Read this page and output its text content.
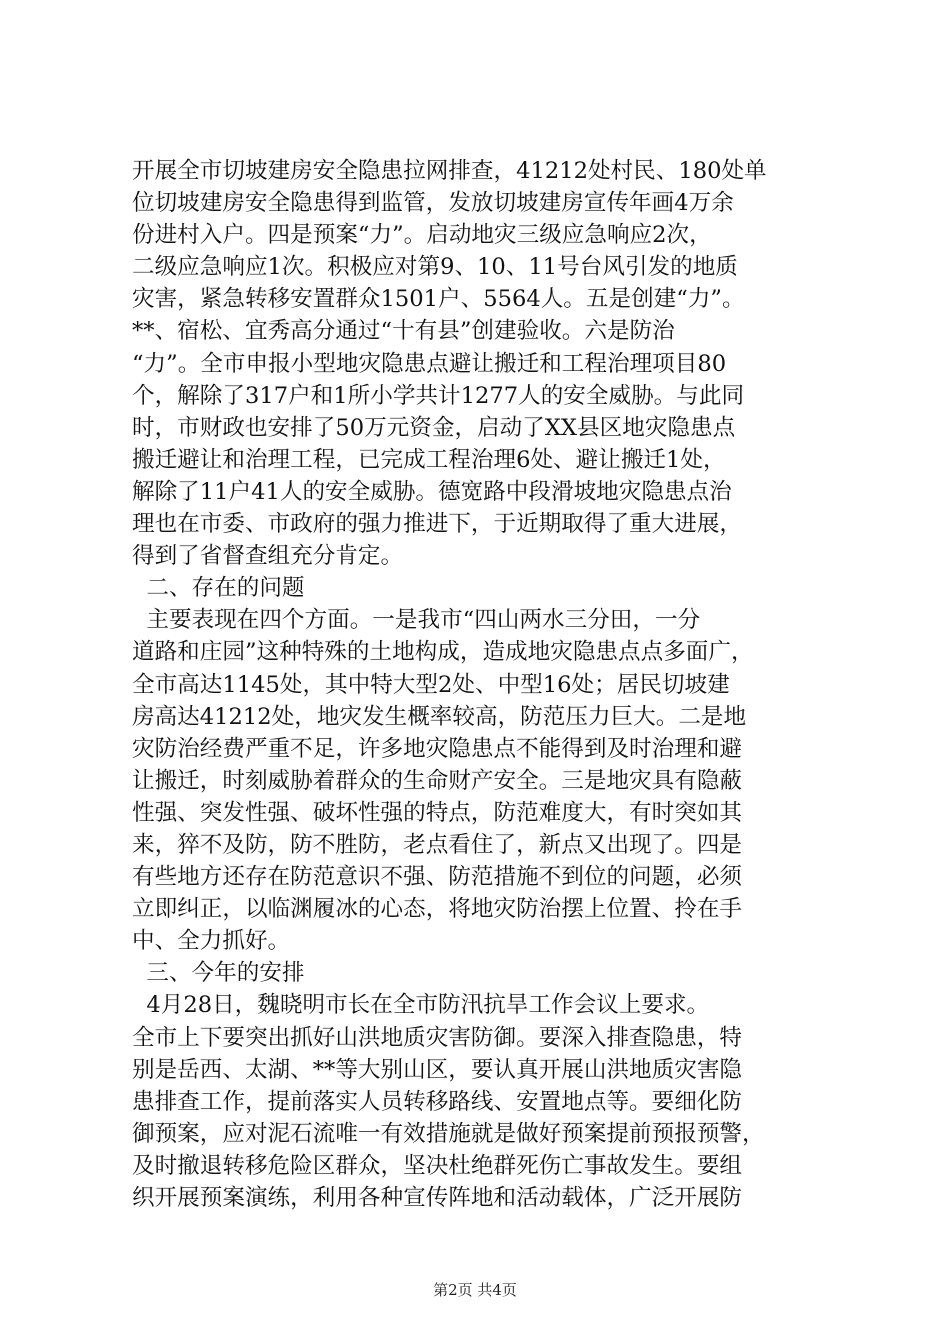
开展全市切坡建房安全隐患拉网排查，41212处村民、180处单
位切坡建房安全隐患得到监管，发放切坡建房宣传年画4万余
份进村入户。四是预案“力”。启动地灾三级应急响应2次，
二级应急响应1次。积极应对第9、10、11号台风引发的地质
灾害，紧急转移安置群众1501户、5564人。五是创建“力”。
**、宿松、宜秀高分通过“十有县”创建验收。六是防治
“力”。全市申报小型地灾隐患点避让搬迁和工程治理项目80
个，解除了317户和1所小学共计1277人的安全威胁。与此同
时，市财政也安排了50万元资金，启动了XX县区地灾隐患点
搬迁避让和治理工程，已完成工程治理6处、避让搬迁1处，
解除了11户41人的安全威胁。德宽路中段滑坡地灾隐患点治
理也在市委、市政府的强力推进下，于近期取得了重大进展，
得到了省督查组充分肯定。
二、存在的问题
主要表现在四个方面。一是我市“四山两水三分田，一分
道路和庄园”这种特殊的土地构成，造成地灾隐患点点多面广，
全市高达1145处，其中特大型2处、中型16处；居民切坡建
房高达41212处，地灾发生概率较高，防范压力巨大。二是地
灾防治经费严重不足，许多地灾隐患点不能得到及时治理和避
让搬迁，时刻威胁着群众的生命财产安全。三是地灾具有隐蔽
性强、突发性强、破坏性强的特点，防范难度大，有时突如其
来，猝不及防，防不胜防，老点看住了，新点又出现了。四是
有些地方还存在防范意识不强、防范措施不到位的问题，必须
立即纠正，以临渊履冰的心态，将地灾防治摆上位置、拎在手
中、全力抓好。
三、今年的安排
4月28日，魏晓明市长在全市防汛抗旱工作会议上要求。
全市上下要突出抓好山洪地质灾害防御。要深入排查隐患，特
别是岳西、太湖、**等大别山区，要认真开展山洪地质灾害隐
患排查工作，提前落实人员转移路线、安置地点等。要细化防
御预案，应对泥石流唯一有效措施就是做好预案提前预报预警，
及时撤退转移危险区群众，坚决杜绝群死伤亡事故发生。要组
织开展预案演练，利用各种宣传阵地和活动载体，广泛开展防
第2页 共4页
